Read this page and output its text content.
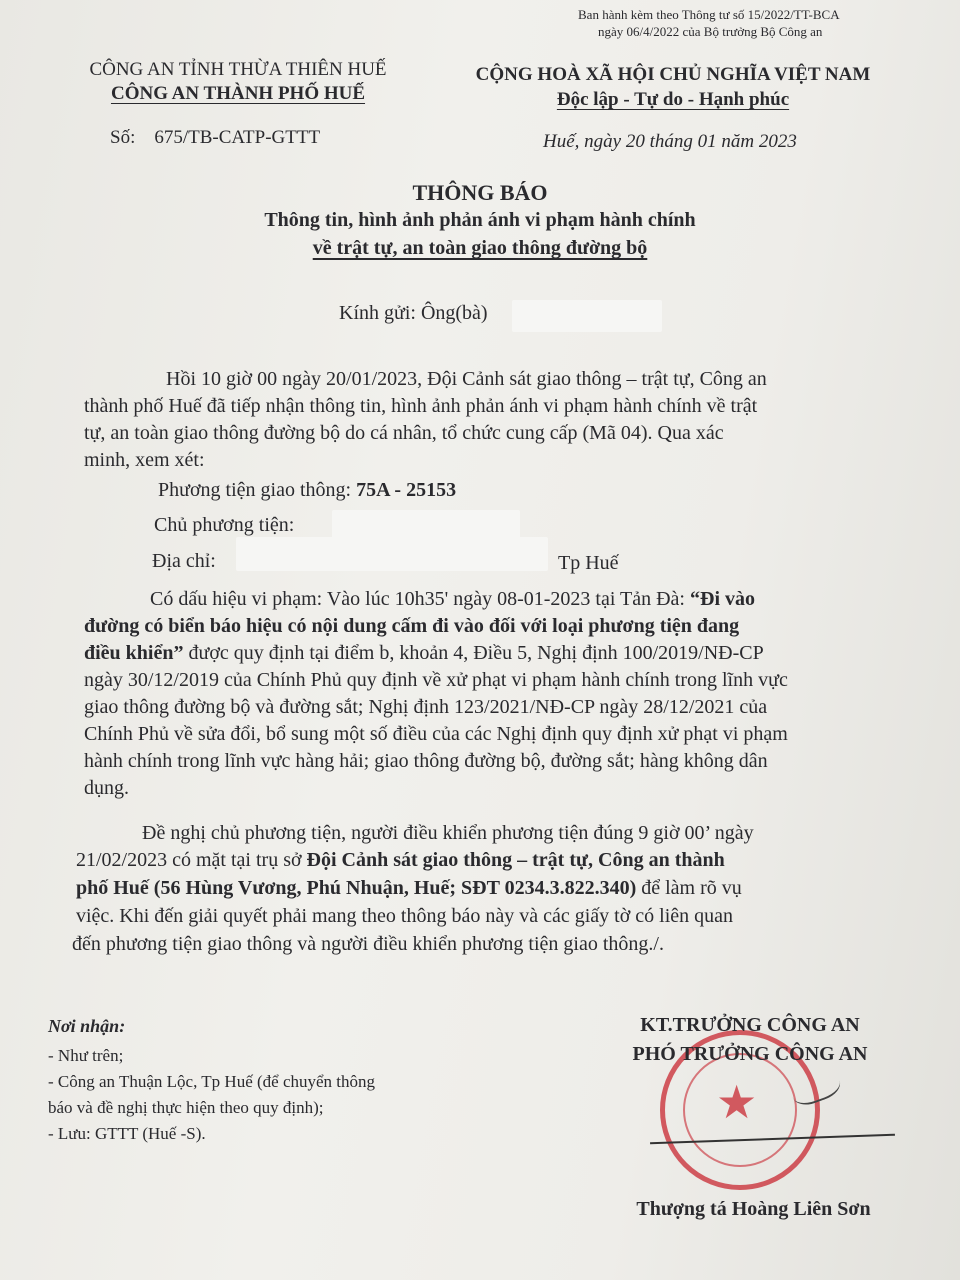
Ban hành kèm theo Thông tư số 15/2022/TT-BCA
ngày 06/4/2022 của Bộ trưởng Bộ Công an
CÔNG AN TỈNH THỪA THIÊN HUẾ
CÔNG AN THÀNH PHỐ HUẾ
Số: 675/TB-CATP-GTTT
CỘNG HOÀ XÃ HỘI CHỦ NGHĨA VIỆT NAM
Độc lập - Tự do - Hạnh phúc
Huế, ngày 20 tháng 01 năm 2023
THÔNG BÁO
Thông tin, hình ảnh phản ánh vi phạm hành chính
về trật tự, an toàn giao thông đường bộ
Kính gửi: Ông(bà)
Hồi 10 giờ 00 ngày 20/01/2023, Đội Cảnh sát giao thông – trật tự, Công an
thành phố Huế đã tiếp nhận thông tin, hình ảnh phản ánh vi phạm hành chính về trật
tự, an toàn giao thông đường bộ do cá nhân, tổ chức cung cấp (Mã 04). Qua xác
minh, xem xét:
Phương tiện giao thông: 75A - 25153
Chủ phương tiện:
Địa chỉ:	Tp Huế
Có dấu hiệu vi phạm: Vào lúc 10h35' ngày 08-01-2023 tại Tản Đà: “Đi vào
đường có biển báo hiệu có nội dung cấm đi vào đối với loại phương tiện đang
điều khiển” được quy định tại điểm b, khoản 4, Điều 5, Nghị định 100/2019/NĐ-CP
ngày 30/12/2019 của Chính Phủ quy định về xử phạt vi phạm hành chính trong lĩnh vực
giao thông đường bộ và đường sắt; Nghị định 123/2021/NĐ-CP ngày 28/12/2021 của
Chính Phủ về sửa đổi, bổ sung một số điều của các Nghị định quy định xử phạt vi phạm
hành chính trong lĩnh vực hàng hải; giao thông đường bộ, đường sắt; hàng không dân
dụng.
Đề nghị chủ phương tiện, người điều khiển phương tiện đúng 9 giờ 00’ ngày
21/02/2023 có mặt tại trụ sở Đội Cảnh sát giao thông – trật tự, Công an thành
phố Huế (56 Hùng Vương, Phú Nhuận, Huế; SĐT 0234.3.822.340) để làm rõ vụ
việc. Khi đến giải quyết phải mang theo thông báo này và các giấy tờ có liên quan
đến phương tiện giao thông và người điều khiển phương tiện giao thông./.
Nơi nhận:
- Như trên;
- Công an Thuận Lộc, Tp Huế (để chuyển thông
báo và đề nghị thực hiện theo quy định);
- Lưu: GTTT (Huế -S).
★
KT.TRƯỞNG CÔNG AN
PHÓ TRƯỞNG CÔNG AN
Thượng tá Hoàng Liên Sơn
